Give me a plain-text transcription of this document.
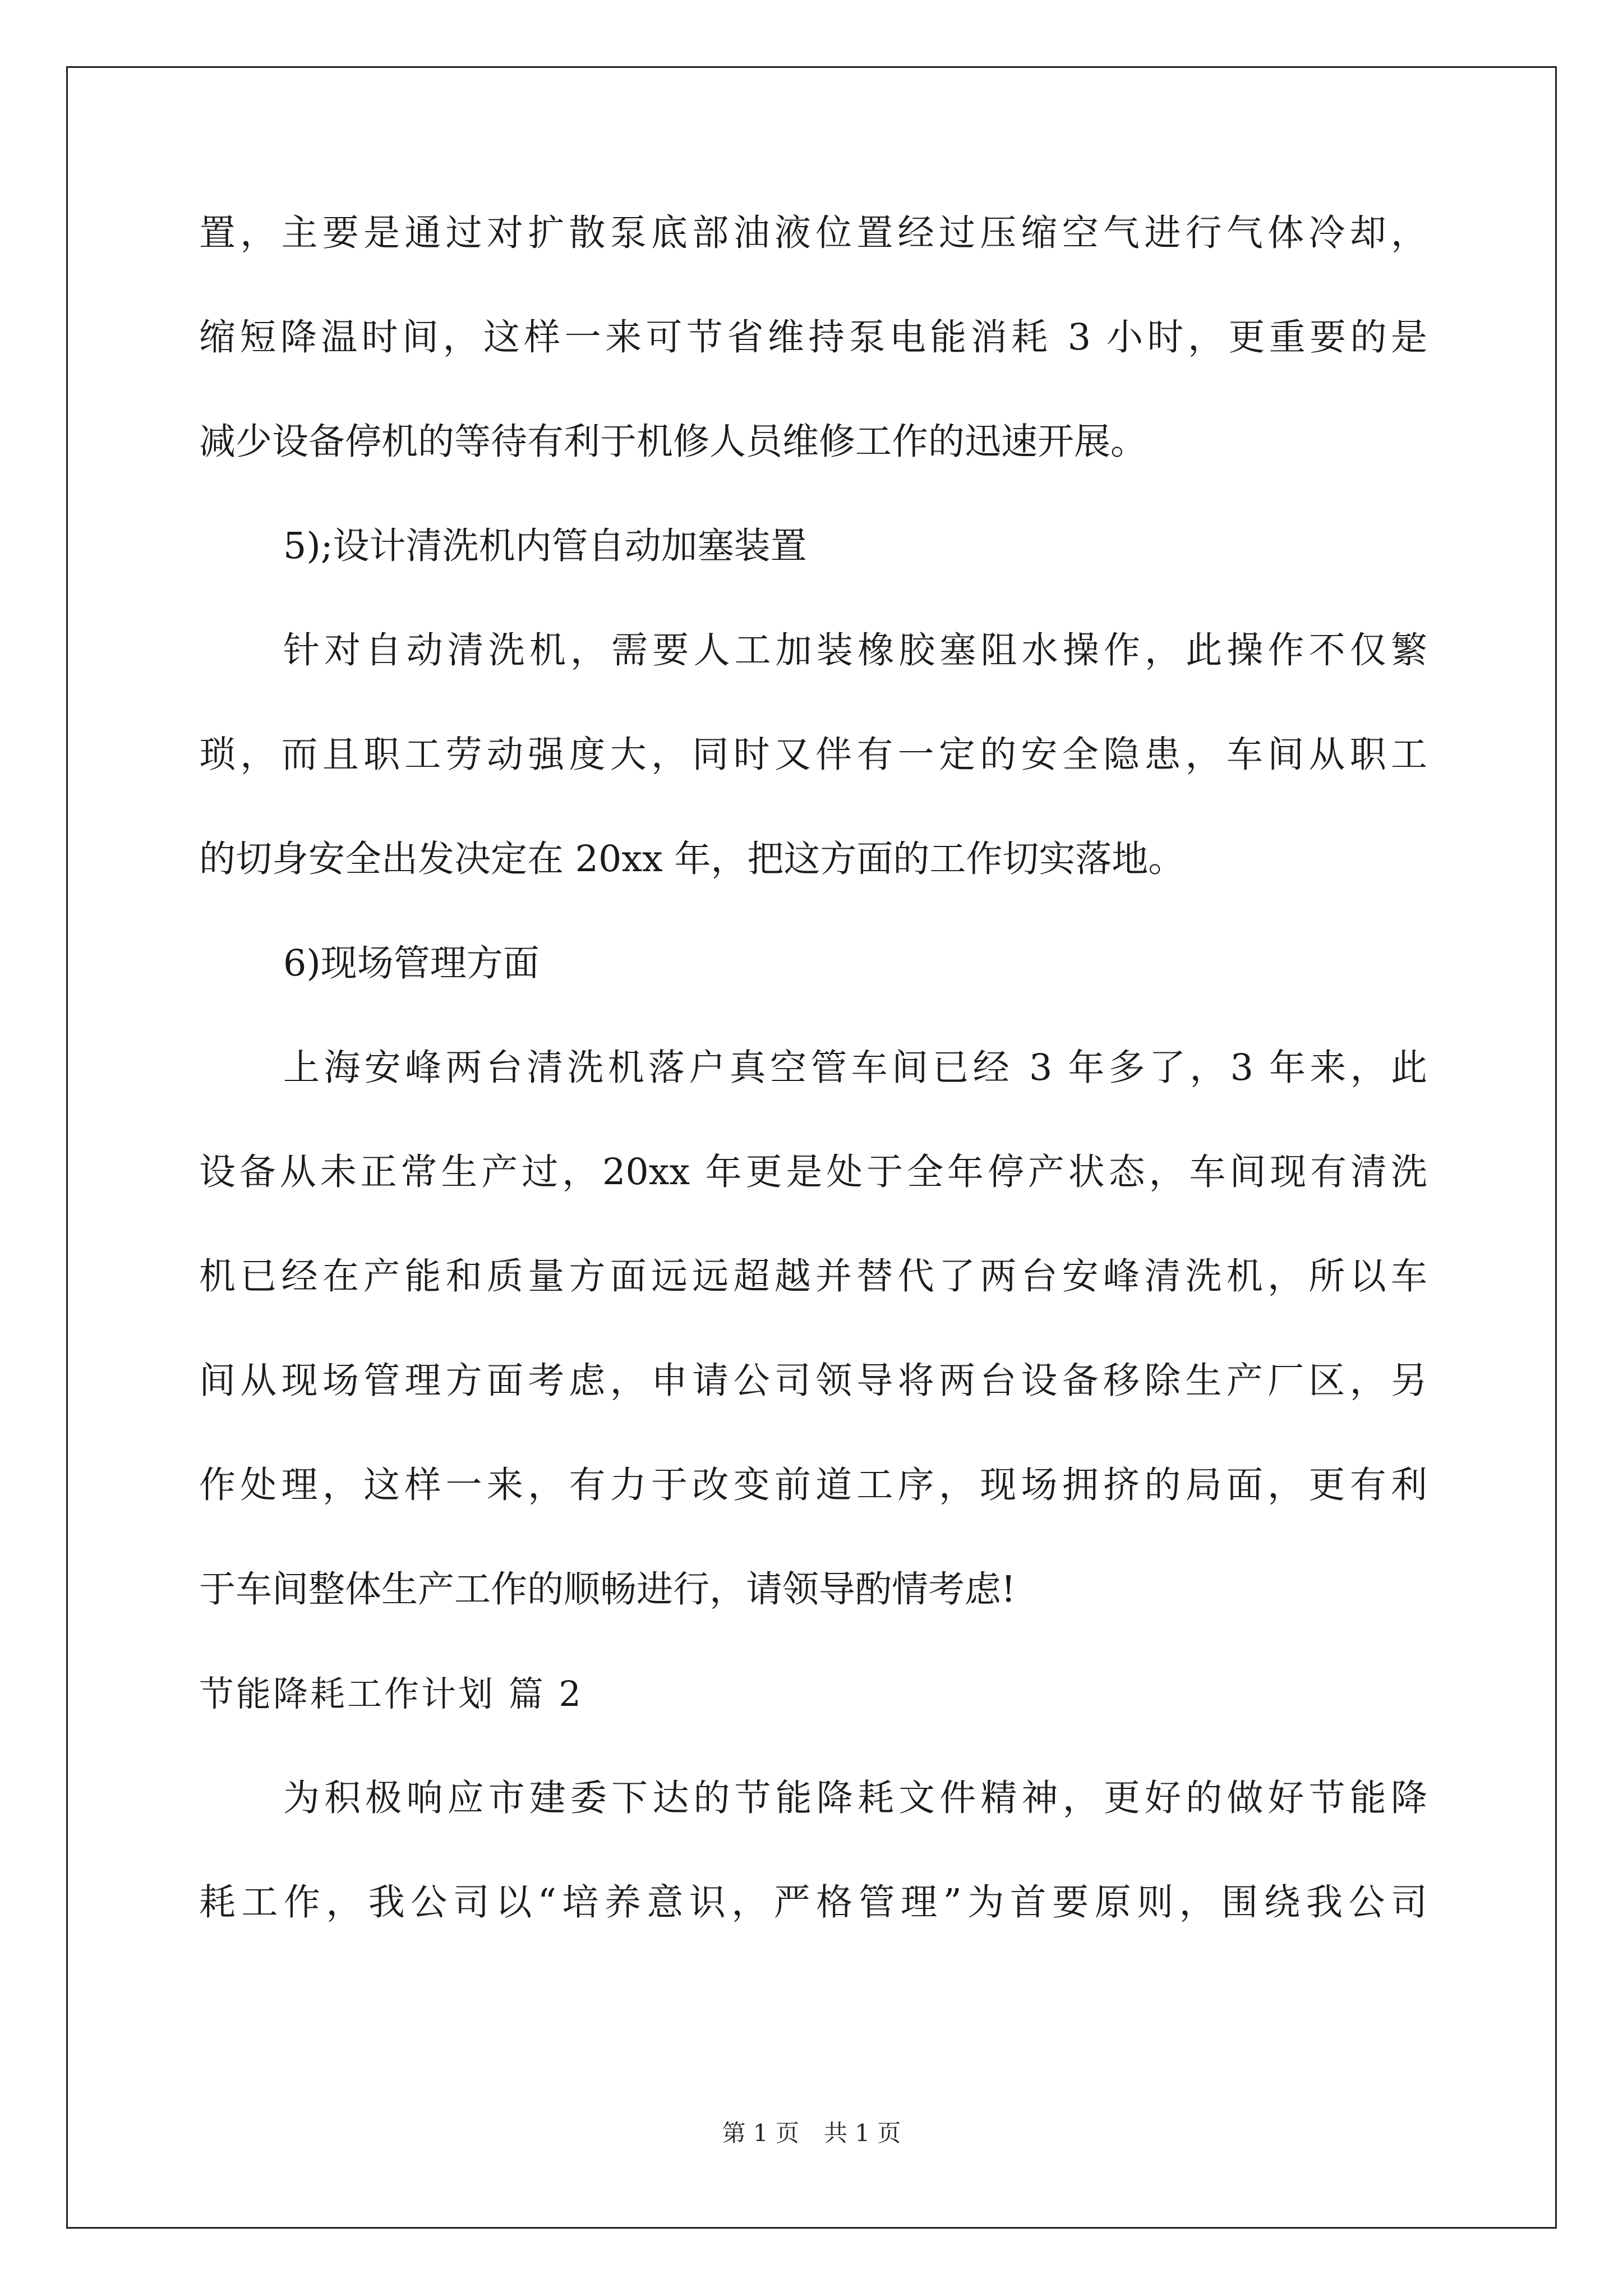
置，主要是通过对扩散泵底部油液位置经过压缩空气进行气体冷却，
缩短降温时间，这样一来可节省维持泵电能消耗 3 小时，更重要的是
减少设备停机的等待有利于机修人员维修工作的迅速开展。
5);设计清洗机内管自动加塞装置
针对自动清洗机，需要人工加装橡胶塞阻水操作，此操作不仅繁
琐，而且职工劳动强度大，同时又伴有一定的安全隐患，车间从职工
的切身安全出发决定在 20xx 年，把这方面的工作切实落地。
6)现场管理方面
上海安峰两台清洗机落户真空管车间已经 3 年多了，3 年来，此
设备从未正常生产过，20xx 年更是处于全年停产状态，车间现有清洗
机已经在产能和质量方面远远超越并替代了两台安峰清洗机，所以车
间从现场管理方面考虑，申请公司领导将两台设备移除生产厂区，另
作处理，这样一来，有力于改变前道工序，现场拥挤的局面，更有利
于车间整体生产工作的顺畅进行，请领导酌情考虑!
节能降耗工作计划 篇 2
为积极响应市建委下达的节能降耗文件精神，更好的做好节能降
耗工作，我公司以“培养意识，严格管理”为首要原则，围绕我公司
第 1 页 共 1 页
